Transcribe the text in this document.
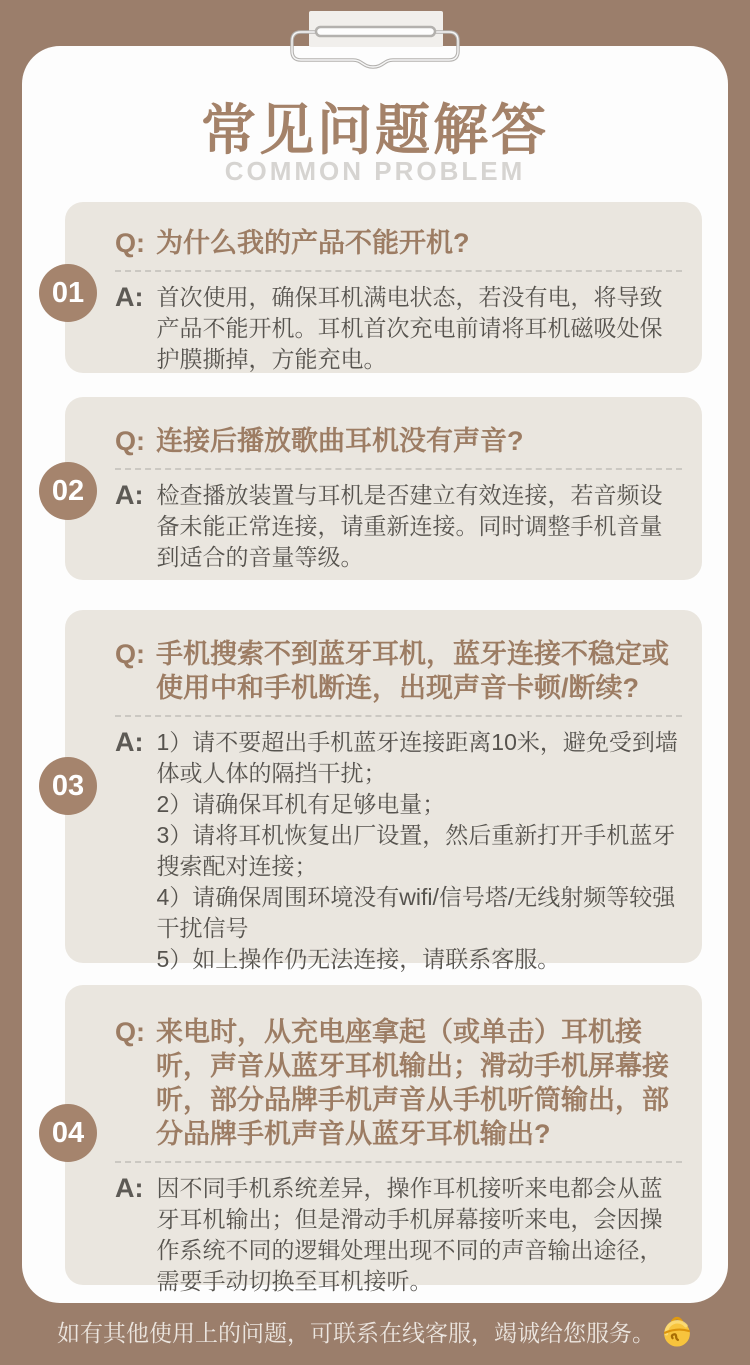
常见问题解答
COMMON PROBLEM
Q: 为什么我的产品不能开机?
A: 首次使用，确保耳机满电状态，若没有电，将导致产品不能开机。耳机首次充电前请将耳机磁吸处保护膜撕掉，方能充电。
01
Q: 连接后播放歌曲耳机没有声音?
A: 检查播放装置与耳机是否建立有效连接，若音频设备未能正常连接，请重新连接。同时调整手机音量到适合的音量等级。
02
Q: 手机搜索不到蓝牙耳机，蓝牙连接不稳定或使用中和手机断连，出现声音卡顿/断续?
A: 1）请不要超出手机蓝牙连接距离10米，避免受到墙体或人体的隔挡干扰；
2）请确保耳机有足够电量；
3）请将耳机恢复出厂设置，然后重新打开手机蓝牙搜索配对连接；
4）请确保周围环境没有wifi/信号塔/无线射频等较强干扰信号
5）如上操作仍无法连接，请联系客服。
03
Q: 来电时，从充电座拿起（或单击）耳机接听，声音从蓝牙耳机输出；滑动手机屏幕接听，部分品牌手机声音从手机听筒输出，部分品牌手机声音从蓝牙耳机输出?
A: 因不同手机系统差异，操作耳机接听来电都会从蓝牙耳机输出；但是滑动手机屏幕接听来电，会因操作系统不同的逻辑处理出现不同的声音输出途径，需要手动切换至耳机接听。
04
如有其他使用上的问题，可联系在线客服，竭诚给您服务。
